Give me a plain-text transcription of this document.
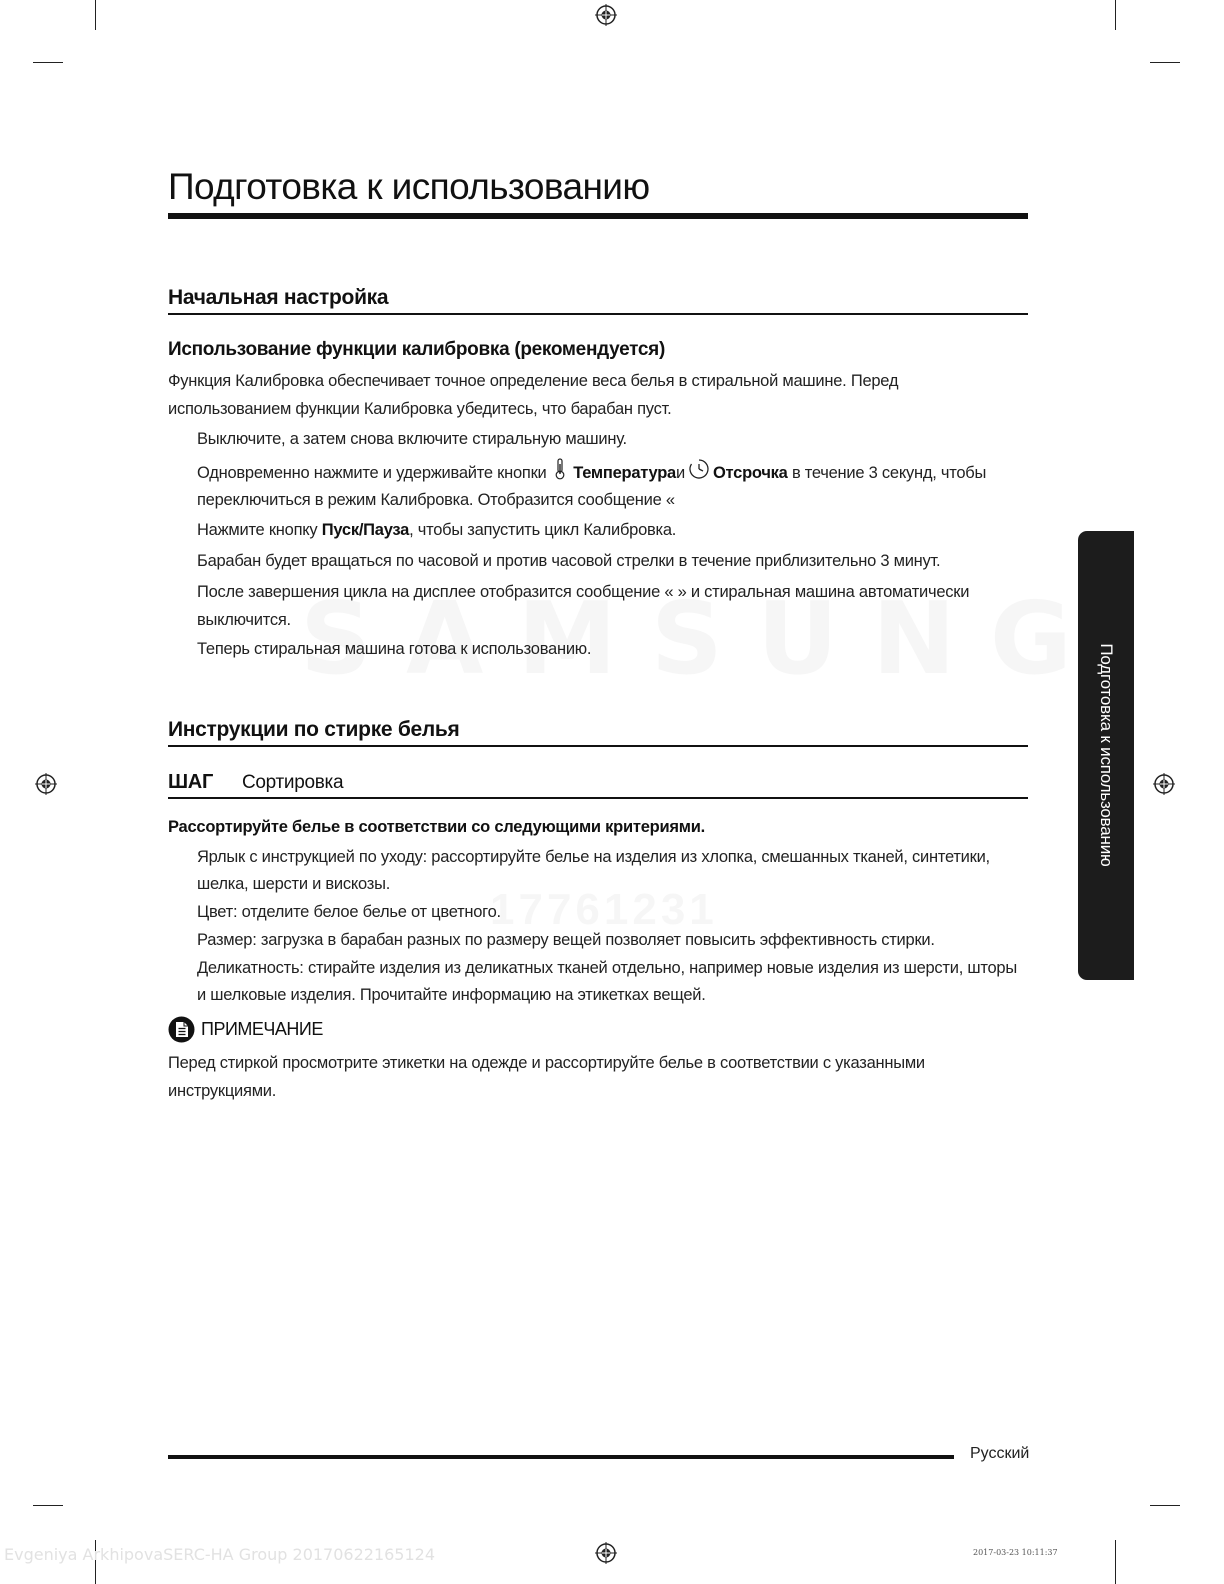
Подготовка к использованию
Начальная настройка
Использование функции калибровка (рекомендуется)

Функция Калибровка обеспечивает точное определение веса белья в стиральной машине. Перед

использованием функции Калибровка убедитесь, что барабан пуст.

Выключите, а затем снова включите стиральную машину.

Одновременно нажмите и удерживайте кнопки Температураи Отсрочка в течение 3 секунд, чтобы

переключиться в режим Калибровка. Отобразится сообщение «

Нажмите кнопку Пуск/Пауза, чтобы запустить цикл Калибровка.

Барабан будет вращаться по часовой и против часовой стрелки в течение приблизительно 3 минут.

После завершения цикла на дисплее отобразится сообщение « » и стиральная машина автоматически

выключится.

Теперь стиральная машина готова к использованию.

Инструкции по стирке белья
ШАГ Сортировка

Рассортируйте белье в соответствии со следующими критериями.

Ярлык с инструкцией по уходу: рассортируйте белье на изделия из хлопка, смешанных тканей, синтетики,

шелка, шерсти и вискозы.

Цвет: отделите белое белье от цветного.

Размер: загрузка в барабан разных по размеру вещей позволяет повысить эффективность стирки.

Деликатность: стирайте изделия из деликатных тканей отдельно, например новые изделия из шерсти, шторы

и шелковые изделия. Прочитайте информацию на этикетках вещей.

ПРИМЕЧАНИЕ

Перед стиркой просмотрите этикетки на одежде и рассортируйте белье в соответствии с указанными

инструкциями.

Подготовка к использованию
Русский
Evgeniya ArkhipovaSERC-HA Group 20170622165124	2017-03-23 10:11:37
